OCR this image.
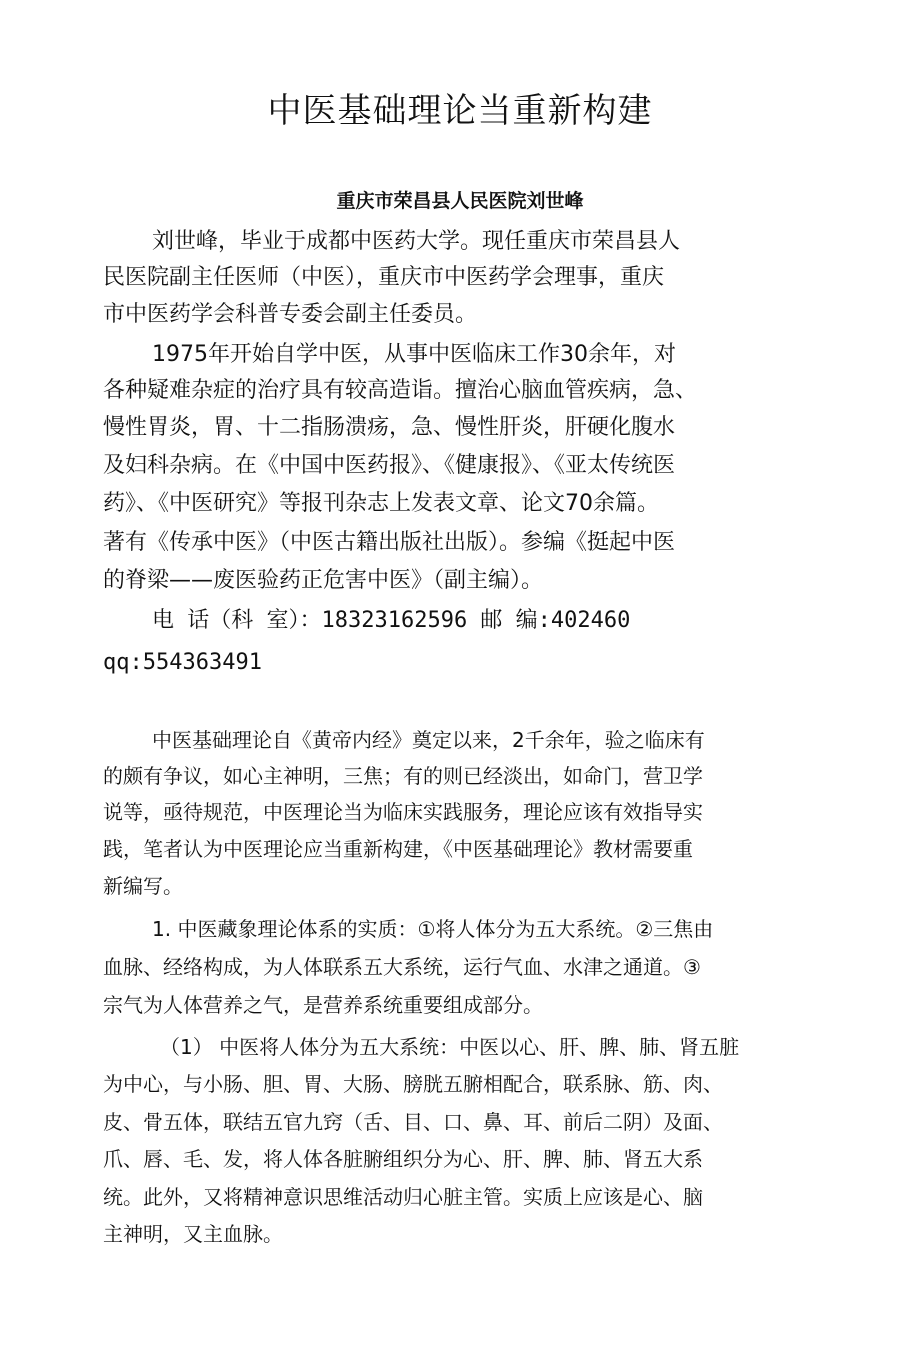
中医基础理论当重新构建
重庆市荣昌县人民医院刘世峰
刘世峰，毕业于成都中医药大学。现任重庆市荣昌县人
民医院副主任医师（中医），重庆市中医药学会理事，重庆
市中医药学会科普专委会副主任委员。
1975年开始自学中医，从事中医临床工作30余年，对
各种疑难杂症的治疗具有较高造诣。擅治心脑血管疾病，急、
慢性胃炎，胃、十二指肠溃疡，急、慢性肝炎，肝硬化腹水
及妇科杂病。在《中国中医药报》、《健康报》、《亚太传统医
药》、《中医研究》等报刊杂志上发表文章、论文70余篇。
著有《传承中医》（中医古籍出版社出版）。参编《挺起中医
的脊梁——废医验药正危害中医》（副主编）。
电 话（科 室）：18323162596 邮 编:402460
qq:554363491
中医基础理论自《黄帝内经》奠定以来，2千余年，验之临床有
的颇有争议，如心主神明，三焦；有的则已经淡出，如命门，营卫学
说等，亟待规范，中医理论当为临床实践服务，理论应该有效指导实
践，笔者认为中医理论应当重新构建，《中医基础理论》教材需要重
新编写。
1. 中医藏象理论体系的实质：①将人体分为五大系统。②三焦由
血脉、经络构成，为人体联系五大系统，运行气血、水津之通道。③
宗气为人体营养之气，是营养系统重要组成部分。
（1） 中医将人体分为五大系统：中医以心、肝、脾、肺、肾五脏
为中心，与小肠、胆、胃、大肠、膀胱五腑相配合，联系脉、筋、肉、
皮、骨五体，联结五官九窍（舌、目、口、鼻、耳、前后二阴）及面、
爪、唇、毛、发，将人体各脏腑组织分为心、肝、脾、肺、肾五大系
统。此外，又将精神意识思维活动归心脏主管。实质上应该是心、脑
主神明，又主血脉。
